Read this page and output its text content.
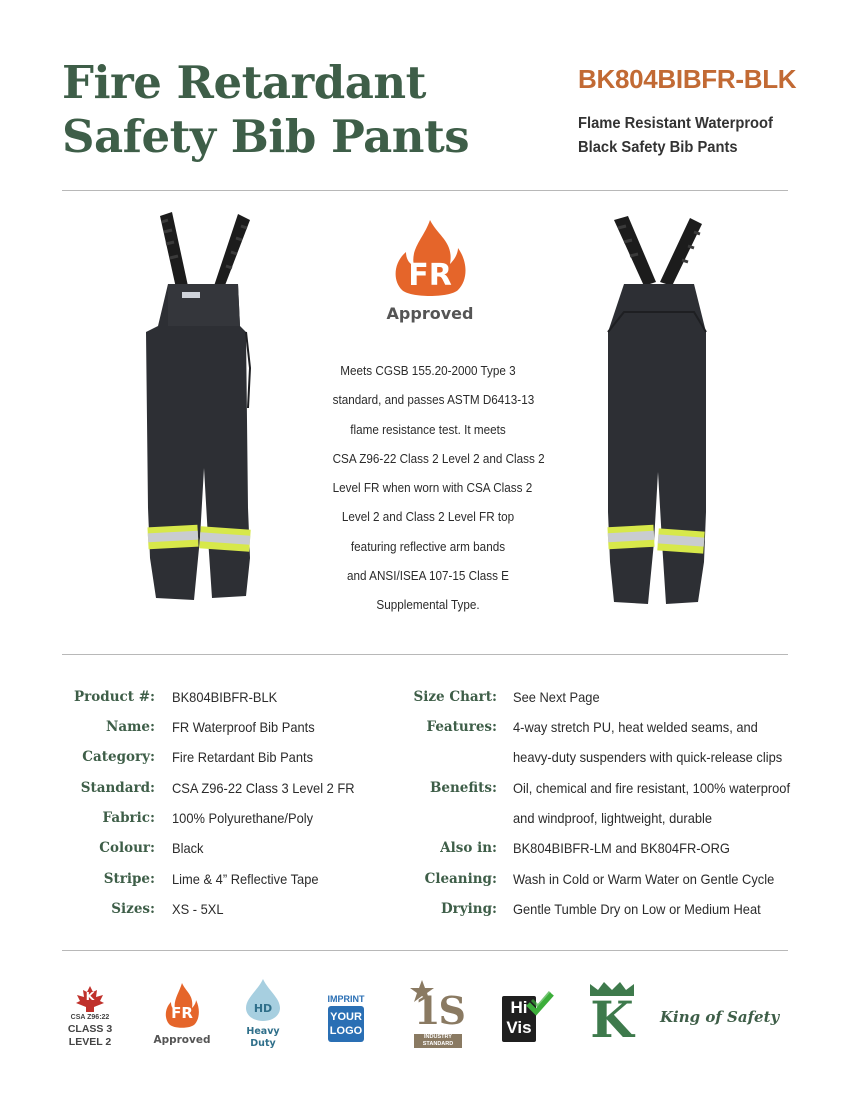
Fire Retardant
Safety Bib Pants
BK804BIBFR-BLK
Flame Resistant Waterproof
Black Safety Bib Pants
FR
Approved
Meets CGSB 155.20-2000 Type 3
standard, and passes ASTM D6413-13
flame resistance test. It meets
CSA Z96-22 Class 2 Level 2 and Class 2
Level FR when worn with CSA Class 2
Level 2 and Class 2 Level FR top
featuring reflective arm bands
and ANSI/ISEA 107-15 Class E
Supplemental Type.
Product #: BK804BIBFR-BLK
Name: FR Waterproof Bib Pants
Category: Fire Retardant Bib Pants
Standard: CSA Z96-22 Class 3 Level 2 FR
Fabric: 100% Polyurethane/Poly
Colour: Black
Stripe: Lime & 4” Reflective Tape
Sizes: XS - 5XL
Size Chart: See Next Page
Features: 4-way stretch PU, heat welded seams, and
heavy-duty suspenders with quick-release clips
Benefits: Oil, chemical and fire resistant, 100% waterproof
and windproof, lightweight, durable
Also in: BK804BIBFR-LM and BK804FR-ORG
Cleaning: Wash in Cold or Warm Water on Gentle Cycle
Drying: Gentle Tumble Dry on Low or Medium Heat
K
CSA Z96:22
CLASS 3
LEVEL 2
FR
Approved
HD
Heavy
Duty
IMPRINT
YOUR
LOGO 1S
INDUSTRY
STANDARD
Hi
Vis K King of Safety
